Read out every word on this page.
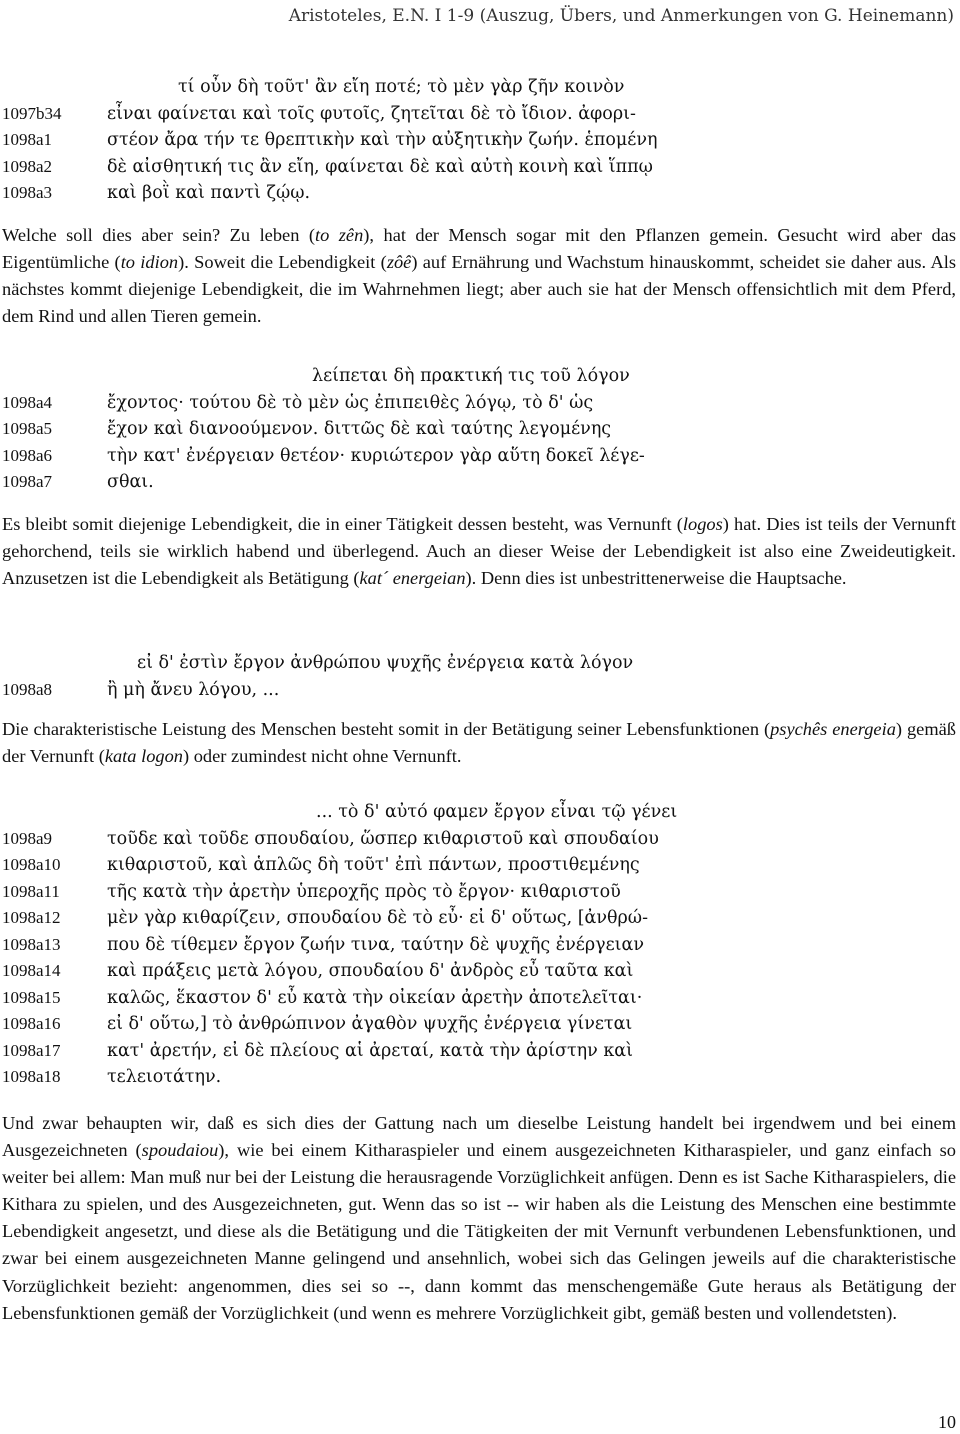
Aristoteles, E.N. I 1-9 (Auszug, Übers, und Anmerkungen von G. Heinemann)
τί οὖν δὴ τοῦτ' ἂν εἴη ποτέ; τὸ μὲν γὰρ ζῆν κοινὸν
1097b34	εἶναι φαίνεται καὶ τοῖς φυτοῖς, ζητεῖται δὲ τὸ ἴδιον. ἀφορι-
1098a1	στέον ἄρα τήν τε θρεπτικὴν καὶ τὴν αὐξητικὴν ζωήν. ἑπομένη
1098a2	δὲ αἰσθητική τις ἂν εἴη, φαίνεται δὲ καὶ αὐτὴ κοινὴ καὶ ἵππῳ
1098a3	καὶ βοῒ καὶ παντὶ ζῴῳ.

Welche soll dies aber sein? Zu leben (to zên), hat der Mensch sogar mit den Pflanzen gemein. Gesucht wird aber das Eigentümliche (to idion). Soweit die Lebendigkeit (zôê) auf Ernährung und Wachstum hinauskommt, scheidet sie daher aus. Als nächstes kommt diejenige Lebendigkeit, die im Wahrnehmen liegt; aber auch sie hat der Mensch offensichtlich mit dem Pferd, dem Rind und allen Tieren gemein.

λείπεται δὴ πρακτική τις τοῦ λόγον
1098a4	ἔχοντος· τούτου δὲ τὸ μὲν ὡς ἐπιπειθὲς λόγῳ, τὸ δ' ὡς
1098a5	ἔχον καὶ διανοούμενον. διττῶς δὲ καὶ ταύτης λεγομένης
1098a6	τὴν κατ' ἐνέργειαν θετέον· κυριώτερον γὰρ αὕτη δοκεῖ λέγε-
1098a7	σθαι.

Es bleibt somit diejenige Lebendigkeit, die in einer Tätigkeit dessen besteht, was Vernunft (logos) hat. Dies ist teils der Vernunft gehorchend, teils sie wirklich habend und überlegend. Auch an dieser Weise der Lebendigkeit ist also eine Zweideutigkeit. Anzusetzen ist die Lebendigkeit als Betätigung (kat´ energeian). Denn dies ist unbestrittenerweise die Hauptsache.

εἰ δ' ἐστὶν ἔργον ἀνθρώπου ψυχῆς ἐνέργεια κατὰ λόγον
1098a8	ἢ μὴ ἄνευ λόγου, ...

Die charakteristische Leistung des Menschen besteht somit in der Betätigung seiner Lebensfunktionen (psychês energeia) gemäß der Vernunft (kata logon) oder zumindest nicht ohne Vernunft.

... τὸ δ' αὐτό φαμεν ἔργον εἶναι τῷ γένει
1098a9	τοῦδε καὶ τοῦδε σπουδαίου, ὥσπερ κιθαριστοῦ καὶ σπουδαίου
1098a10	κιθαριστοῦ, καὶ ἁπλῶς δὴ τοῦτ' ἐπὶ πάντων, προστιθεμένης
1098a11	τῆς κατὰ τὴν ἀρετὴν ὑπεροχῆς πρὸς τὸ ἔργον· κιθαριστοῦ
1098a12	μὲν γὰρ κιθαρίζειν, σπουδαίου δὲ τὸ εὖ· εἰ δ' οὕτως, [ἀνθρώ-
1098a13	που δὲ τίθεμεν ἔργον ζωήν τινα, ταύτην δὲ ψυχῆς ἐνέργειαν
1098a14	καὶ πράξεις μετὰ λόγου, σπουδαίου δ' ἀνδρὸς εὖ ταῦτα καὶ
1098a15	καλῶς, ἕκαστον δ' εὖ κατὰ τὴν οἰκείαν ἀρετὴν ἀποτελεῖται·
1098a16	εἰ δ' οὕτω,] τὸ ἀνθρώπινον ἀγαθὸν ψυχῆς ἐνέργεια γίνεται
1098a17	κατ' ἀρετήν, εἰ δὲ πλείους αἱ ἀρεταί, κατὰ τὴν ἀρίστην καὶ
1098a18	τελειοτάτην.

Und zwar behaupten wir, daß es sich dies der Gattung nach um dieselbe Leistung handelt bei irgendwem und bei einem Ausgezeichneten (spoudaiou), wie bei einem Kitharaspieler und einem ausgezeichneten Kitharaspieler, und ganz einfach so weiter bei allem: Man muß nur bei der Leistung die herausragende Vorzüglichkeit anfügen. Denn es ist Sache Kitharaspielers, die Kithara zu spielen, und des Ausgezeichneten, gut. Wenn das so ist -- wir haben als die Leistung des Menschen eine bestimmte Lebendigkeit angesetzt, und diese als die Betätigung und die Tätigkeiten der mit Vernunft verbundenen Lebensfunktionen, und zwar bei einem ausgezeichneten Manne gelingend und ansehnlich, wobei sich das Gelingen jeweils auf die charakteristische Vorzüglichkeit bezieht: angenommen, dies sei so --, dann kommt das menschengemäße Gute heraus als Betätigung der Lebensfunktionen gemäß der Vorzüglichkeit (und wenn es mehrere Vorzüglichkeit gibt, gemäß besten und vollendetsten).

10
